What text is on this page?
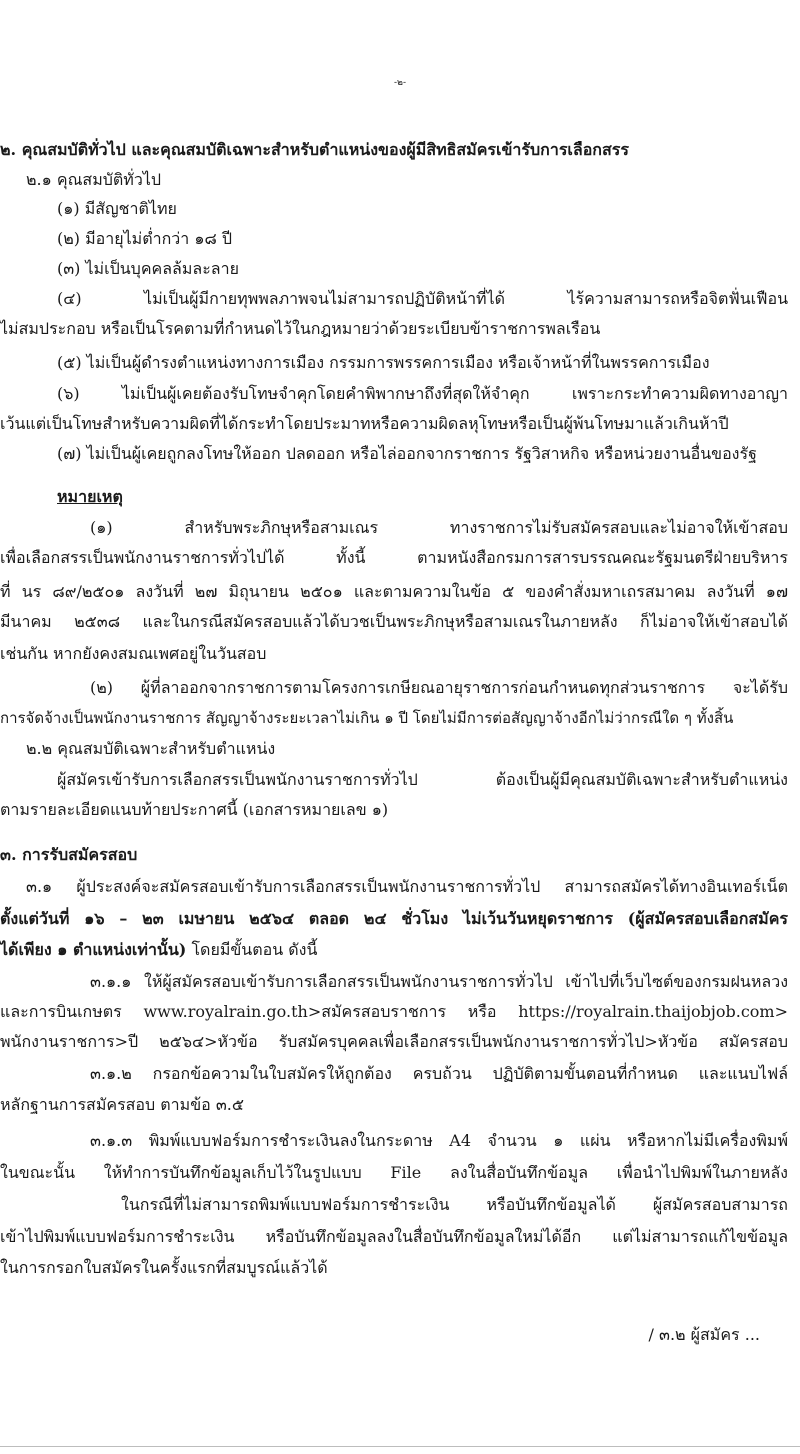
-๒-
๒. คุณสมบัติทั่วไป และคุณสมบัติเฉพาะสำหรับตำแหน่งของผู้มีสิทธิสมัครเข้ารับการเลือกสรร
๒.๑ คุณสมบัติทั่วไป
(๑) มีสัญชาติไทย
(๒) มีอายุไม่ต่ำกว่า ๑๘ ปี
(๓) ไม่เป็นบุคคลล้มละลาย
(๔) ไม่เป็นผู้มีกายทุพพลภาพจนไม่สามารถปฏิบัติหน้าที่ได้ ไร้ความสามารถหรือจิตฟั่นเฟือน
ไม่สมประกอบ หรือเป็นโรคตามที่กำหนดไว้ในกฎหมายว่าด้วยระเบียบข้าราชการพลเรือน
(๕) ไม่เป็นผู้ดำรงตำแหน่งทางการเมือง กรรมการพรรคการเมือง หรือเจ้าหน้าที่ในพรรคการเมือง
(๖) ไม่เป็นผู้เคยต้องรับโทษจำคุกโดยคำพิพากษาถึงที่สุดให้จำคุก เพราะกระทำความผิดทางอาญา
เว้นแต่เป็นโทษสำหรับความผิดที่ได้กระทำโดยประมาทหรือความผิดลหุโทษหรือเป็นผู้พ้นโทษมาแล้วเกินห้าปี
(๗) ไม่เป็นผู้เคยถูกลงโทษให้ออก ปลดออก หรือไล่ออกจากราชการ รัฐวิสาหกิจ หรือหน่วยงานอื่นของรัฐ
หมายเหตุ
(๑) สำหรับพระภิกษุหรือสามเณร ทางราชการไม่รับสมัครสอบและไม่อาจให้เข้าสอบ
เพื่อเลือกสรรเป็นพนักงานราชการทั่วไปได้ ทั้งนี้ ตามหนังสือกรมการสารบรรณคณะรัฐมนตรีฝ่ายบริหาร
ที่ นร ๘๙/๒๕๐๑ ลงวันที่ ๒๗ มิถุนายน ๒๕๐๑ และตามความในข้อ ๕ ของคำสั่งมหาเถรสมาคม ลงวันที่ ๑๗
มีนาคม ๒๕๓๘ และในกรณีสมัครสอบแล้วได้บวชเป็นพระภิกษุหรือสามเณรในภายหลัง ก็ไม่อาจให้เข้าสอบได้
เช่นกัน หากยังคงสมณเพศอยู่ในวันสอบ
(๒) ผู้ที่ลาออกจากราชการตามโครงการเกษียณอายุราชการก่อนกำหนดทุกส่วนราชการ จะได้รับ
การจัดจ้างเป็นพนักงานราชการ สัญญาจ้างระยะเวลาไม่เกิน ๑ ปี โดยไม่มีการต่อสัญญาจ้างอีกไม่ว่ากรณีใด ๆ ทั้งสิ้น
๒.๒ คุณสมบัติเฉพาะสำหรับตำแหน่ง
ผู้สมัครเข้ารับการเลือกสรรเป็นพนักงานราชการทั่วไป ต้องเป็นผู้มีคุณสมบัติเฉพาะสำหรับตำแหน่ง
ตามรายละเอียดแนบท้ายประกาศนี้ (เอกสารหมายเลข ๑)
๓. การรับสมัครสอบ
๓.๑ ผู้ประสงค์จะสมัครสอบเข้ารับการเลือกสรรเป็นพนักงานราชการทั่วไป สามารถสมัครได้ทางอินเทอร์เน็ต
ตั้งแต่วันที่ ๑๖ – ๒๓ เมษายน ๒๕๖๔ ตลอด ๒๔ ชั่วโมง ไม่เว้นวันหยุดราชการ (ผู้สมัครสอบเลือกสมัคร
ได้เพียง ๑ ตำแหน่งเท่านั้น) โดยมีขั้นตอน ดังนี้
๓.๑.๑ ให้ผู้สมัครสอบเข้ารับการเลือกสรรเป็นพนักงานราชการทั่วไป เข้าไปที่เว็บไซต์ของกรมฝนหลวง
และการบินเกษตร www.royalrain.go.th>สมัครสอบราชการ หรือ https://royalrain.thaijobjob.com>
พนักงานราชการ>ปี ๒๕๖๔>หัวข้อ รับสมัครบุคคลเพื่อเลือกสรรเป็นพนักงานราชการทั่วไป>หัวข้อ สมัครสอบ
๓.๑.๒ กรอกข้อความในใบสมัครให้ถูกต้อง ครบถ้วน ปฏิบัติตามขั้นตอนที่กำหนด และแนบไฟล์
หลักฐานการสมัครสอบ ตามข้อ ๓.๕
๓.๑.๓ พิมพ์แบบฟอร์มการชำระเงินลงในกระดาษ A4 จำนวน ๑ แผ่น หรือหากไม่มีเครื่องพิมพ์
ในขณะนั้น ให้ทำการบันทึกข้อมูลเก็บไว้ในรูปแบบ File ลงในสื่อบันทึกข้อมูล เพื่อนำไปพิมพ์ในภายหลัง
ในกรณีที่ไม่สามารถพิมพ์แบบฟอร์มการชำระเงิน หรือบันทึกข้อมูลได้ ผู้สมัครสอบสามารถ
เข้าไปพิมพ์แบบฟอร์มการชำระเงิน หรือบันทึกข้อมูลลงในสื่อบันทึกข้อมูลใหม่ได้อีก แต่ไม่สามารถแก้ไขข้อมูล
ในการกรอกใบสมัครในครั้งแรกที่สมบูรณ์แล้วได้
/ ๓.๒ ผู้สมัคร ...
